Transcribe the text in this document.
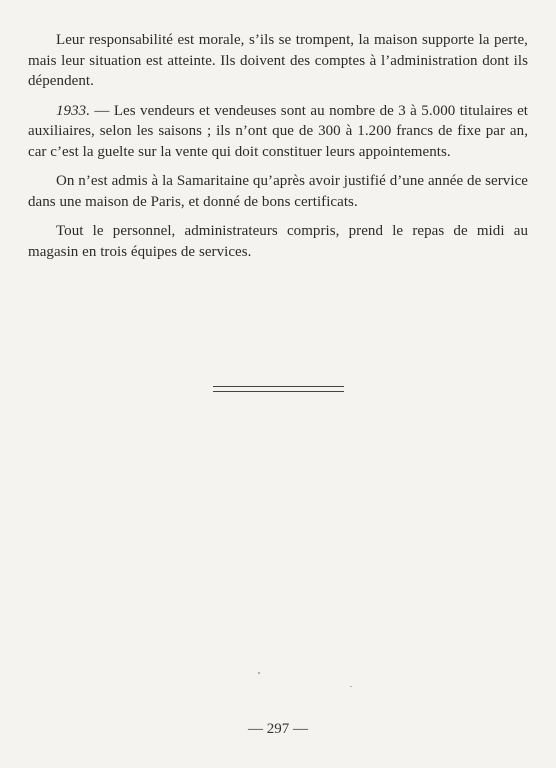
Leur responsabilité est morale, s’ils se trompent, la maison supporte la perte, mais leur situation est atteinte. Ils doivent des comptes à l’administration dont ils dépendent.

1933. — Les vendeurs et vendeuses sont au nombre de 3 à 5.000 titulaires et auxiliaires, selon les saisons ; ils n’ont que de 300 à 1.200 francs de fixe par an, car c’est la guelte sur la vente qui doit constituer leurs appointements.

On n’est admis à la Samaritaine qu’après avoir justifié d’une année de service dans une maison de Paris, et donné de bons certificats.

Tout le personnel, administrateurs compris, prend le repas de midi au magasin en trois équipes de services.

— 297 —
